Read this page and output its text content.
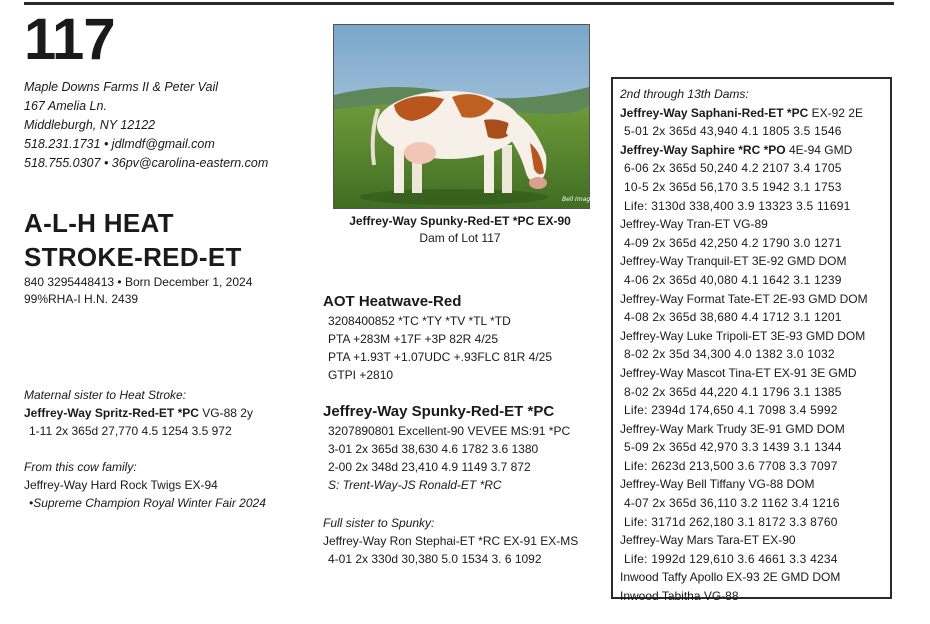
117
Maple Downs Farms II & Peter Vail
167 Amelia Ln.
Middleburgh, NY 12122
518.231.1731 • jdlmdf@gmail.com
518.755.0307 • 36pv@carolina-eastern.com
A-L-H HEAT
STROKE-RED-ET
840 3295448413 • Born December 1, 2024
99%RHA-I H.N. 2439
Maternal sister to Heat Stroke:
Jeffrey-Way Spritz-Red-ET *PC VG-88 2y
1-11 2x 365d 27,770 4.5 1254 3.5 972
From this cow family:
Jeffrey-Way Hard Rock Twigs EX-94
•Supreme Champion Royal Winter Fair 2024
Bell Image
Jeffrey-Way Spunky-Red-ET *PC EX-90
Dam of Lot 117
AOT Heatwave-Red
3208400852 *TC *TY *TV *TL *TD
PTA +283M +17F +3P 82R 4/25
PTA +1.93T +1.07UDC +.93FLC 81R 4/25
GTPI +2810
Jeffrey-Way Spunky-Red-ET *PC
3207890801 Excellent-90 VEVEE MS:91 *PC
3-01 2x 365d 38,630 4.6 1782 3.6 1380
2-00 2x 348d 23,410 4.9 1149 3.7 872
S: Trent-Way-JS Ronald-ET *RC
Full sister to Spunky:
Jeffrey-Way Ron Stephai-ET *RC EX-91 EX-MS
4-01 2x 330d 30,380 5.0 1534 3. 6 1092
2nd through 13th Dams:
Jeffrey-Way Saphani-Red-ET *PC EX-92 2E
5-01 2x 365d 43,940 4.1 1805 3.5 1546
Jeffrey-Way Saphire *RC *PO 4E-94 GMD
6-06 2x 365d 50,240 4.2 2107 3.4 1705
10-5 2x 365d 56,170 3.5 1942 3.1 1753
Life: 3130d 338,400 3.9 13323 3.5 11691
Jeffrey-Way Tran-ET VG-89
4-09 2x 365d 42,250 4.2 1790 3.0 1271
Jeffrey-Way Tranquil-ET 3E-92 GMD DOM
4-06 2x 365d 40,080 4.1 1642 3.1 1239
Jeffrey-Way Format Tate-ET 2E-93 GMD DOM
4-08 2x 365d 38,680 4.4 1712 3.1 1201
Jeffrey-Way Luke Tripoli-ET 3E-93 GMD DOM
8-02 2x 35d 34,300 4.0 1382 3.0 1032
Jeffrey-Way Mascot Tina-ET EX-91 3E GMD
8-02 2x 365d 44,220 4.1 1796 3.1 1385
Life: 2394d 174,650 4.1 7098 3.4 5992
Jeffrey-Way Mark Trudy 3E-91 GMD DOM
5-09 2x 365d 42,970 3.3 1439 3.1 1344
Life: 2623d 213,500 3.6 7708 3.3 7097
Jeffrey-Way Bell Tiffany VG-88 DOM
4-07 2x 365d 36,110 3.2 1162 3.4 1216
Life: 3171d 262,180 3.1 8172 3.3 8760
Jeffrey-Way Mars Tara-ET EX-90
Life: 1992d 129,610 3.6 4661 3.3 4234
Inwood Taffy Apollo EX-93 2E GMD DOM
Inwood Tabitha VG-88
